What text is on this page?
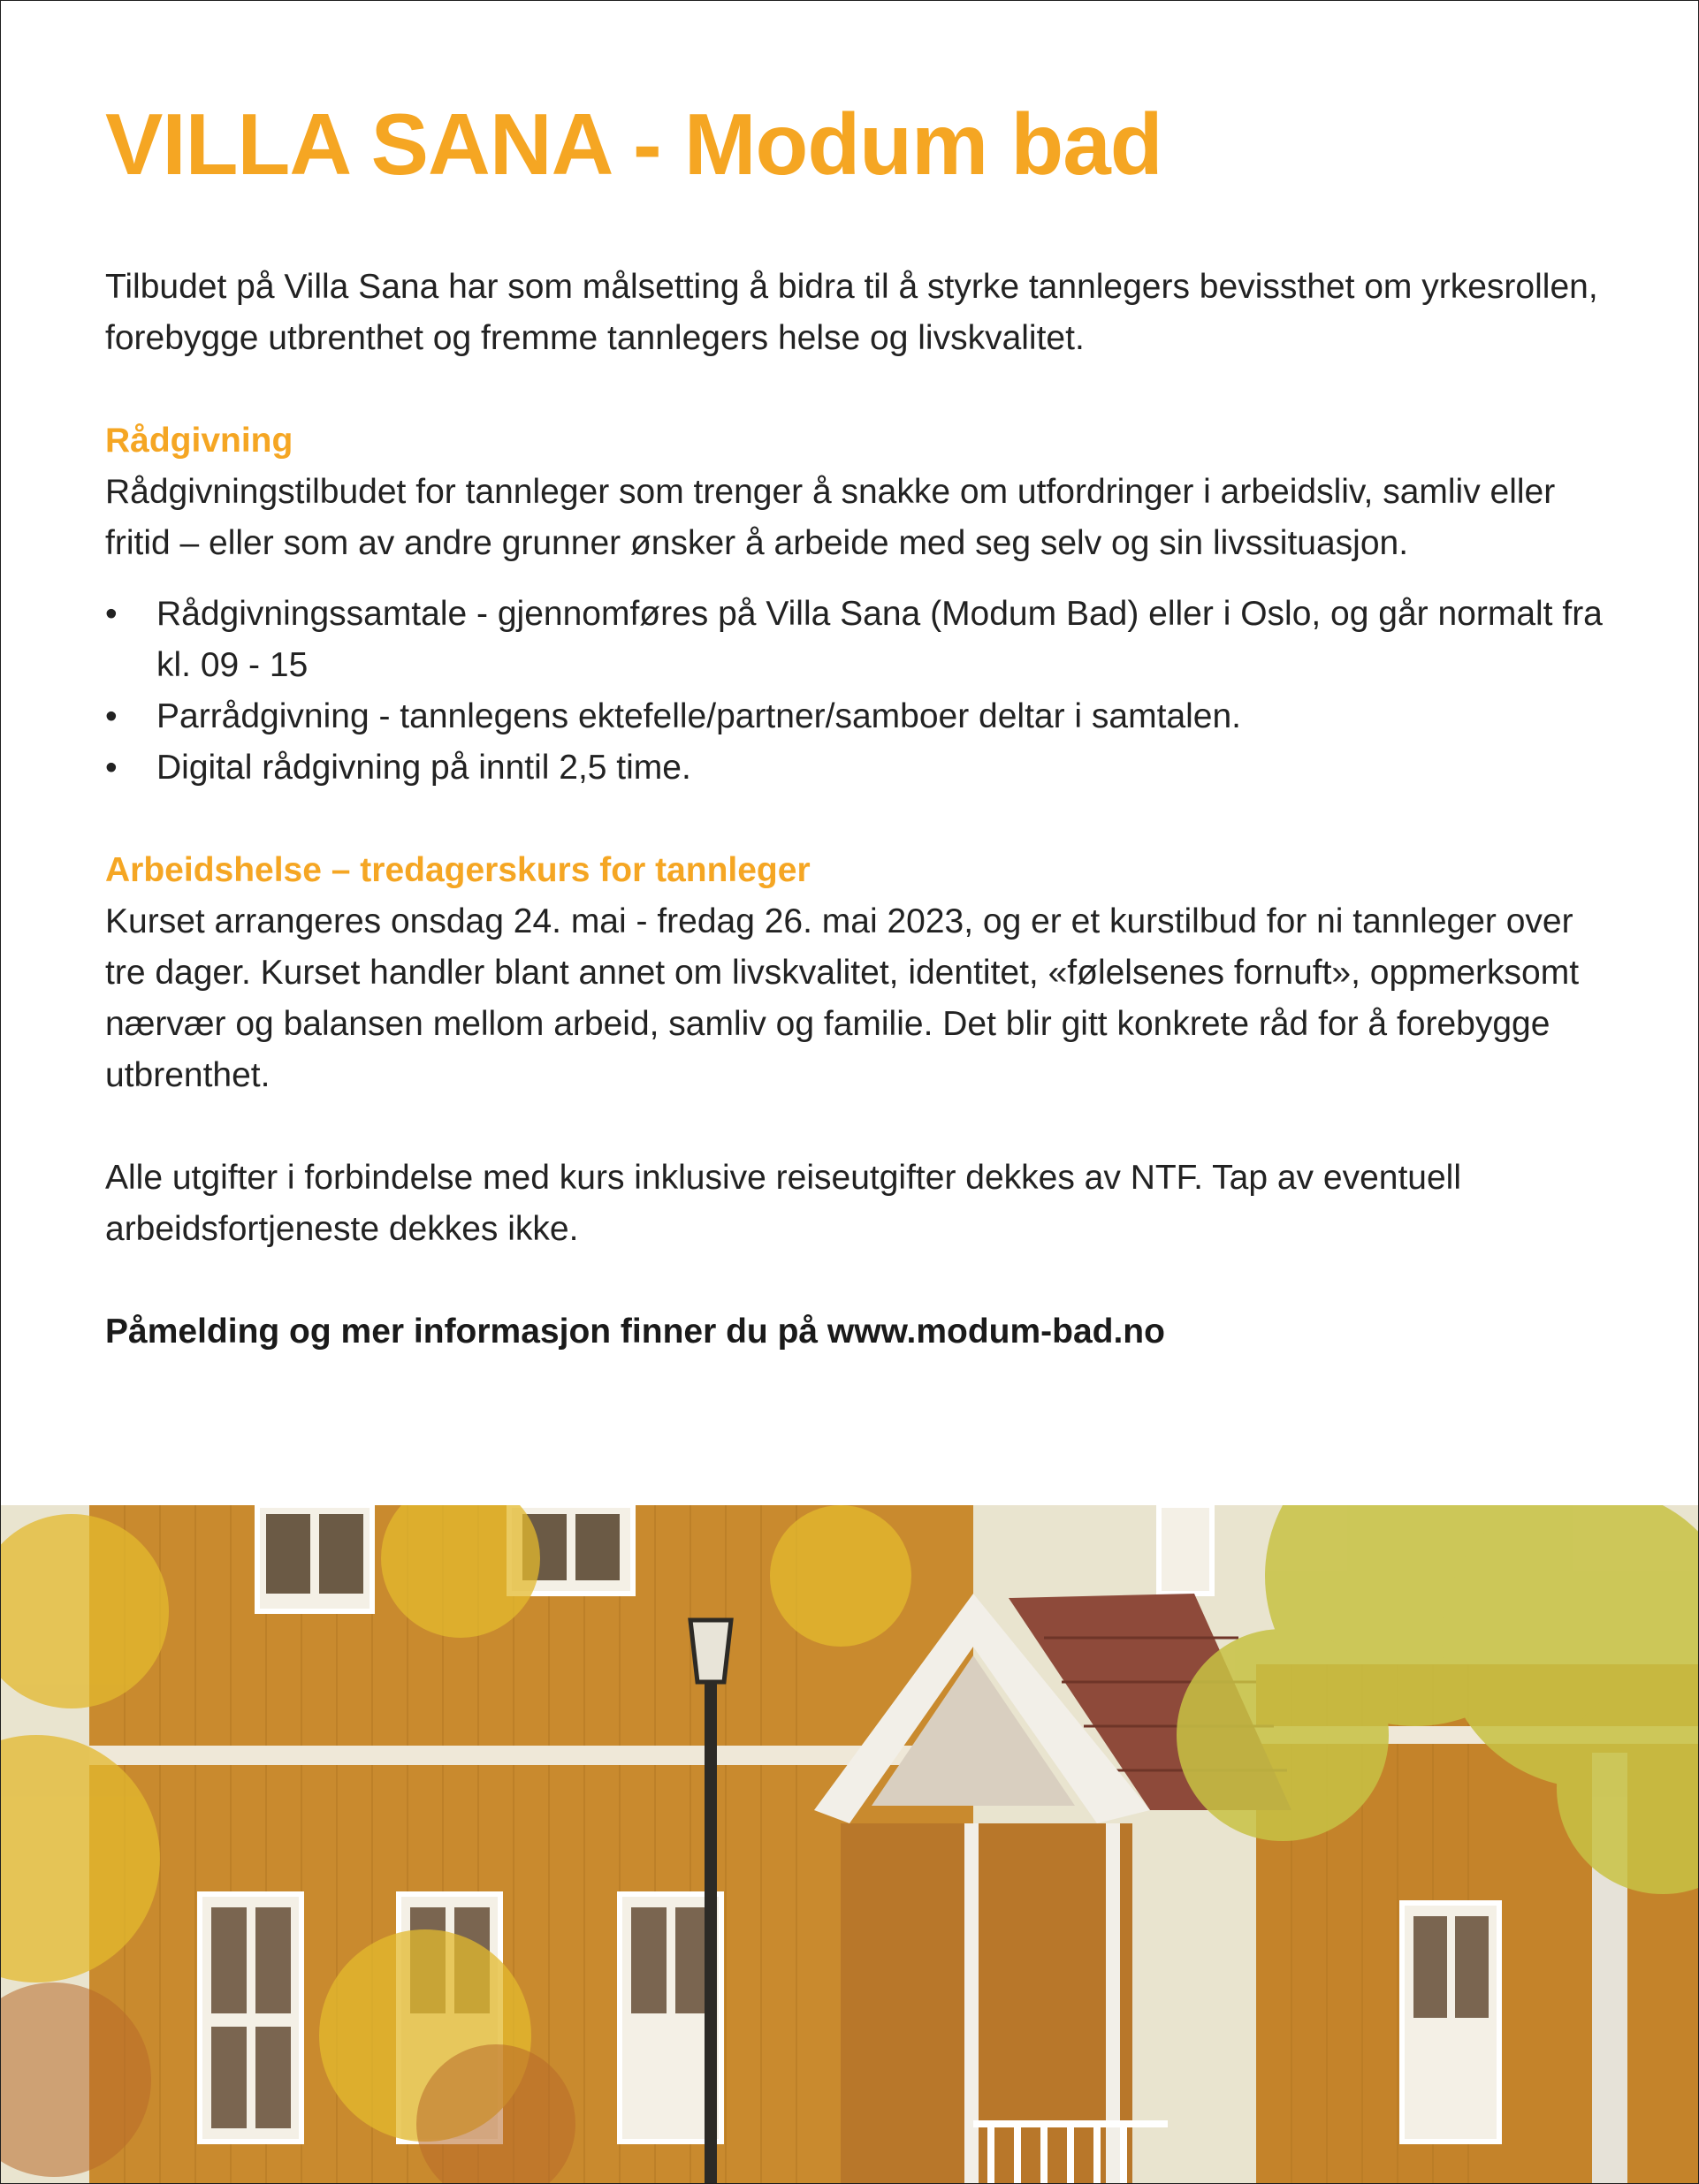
VILLA SANA - Modum bad

Tilbudet på Villa Sana har som målsetting å bidra til å styrke tannlegers bevissthet om yrkesrollen, forebygge utbrenthet og fremme tannlegers helse og livskvalitet.

Rådgivning

Rådgivningstilbudet for tannleger som trenger å snakke om utfordringer i arbeidsliv, samliv eller fritid – eller som av andre grunner ønsker å arbeide med seg selv og sin livssituasjon.

• Rådgivningssamtale - gjennomføres på Villa Sana (Modum Bad) eller i Oslo, og går normalt fra kl. 09 - 15
• Parrådgivning - tannlegens ektefelle/partner/samboer deltar i samtalen.
• Digital rådgivning på inntil 2,5 time.
Arbeidshelse – tredagerskurs for tannleger

Kurset arrangeres onsdag 24. mai - fredag 26. mai 2023, og er et kurstilbud for ni tannleger over tre dager. Kurset handler blant annet om livskvalitet, identitet, «følelsenes fornuft», oppmerksomt nærvær og balansen mellom arbeid, samliv og familie. Det blir gitt konkrete råd for å forebygge utbrenthet.

Alle utgifter i forbindelse med kurs inklusive reiseutgifter dekkes av NTF. Tap av eventuell arbeidsfortjeneste dekkes ikke.

Påmelding og mer informasjon finner du på www.modum-bad.no
